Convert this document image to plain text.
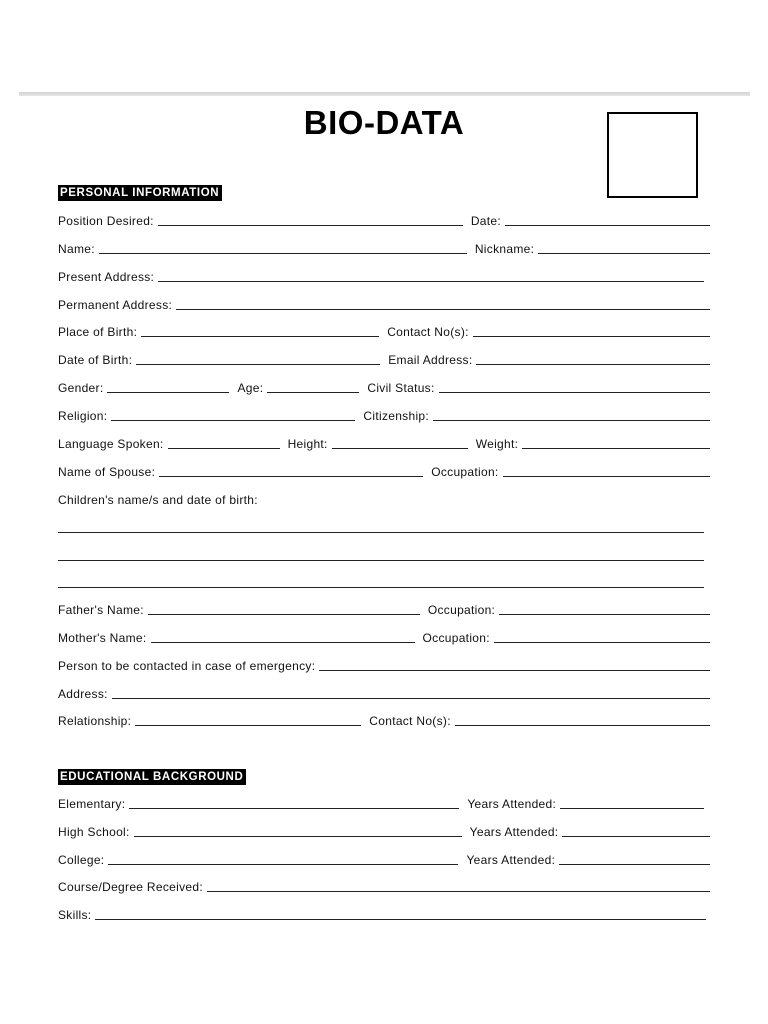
BIO-DATA
PERSONAL INFORMATION
Position Desired:	Date:
Name:	Nickname:
Present Address:
Permanent Address:
Place of Birth:	Contact No(s):
Date of Birth:	Email Address:
Gender:	Age:	Civil Status:
Religion:	Citizenship:
Language Spoken:	Height:	Weight:
Name of Spouse:	Occupation:
Children's name/s and date of birth:
Father's Name:	Occupation:
Mother's Name:	Occupation:
Person to be contacted in case of emergency:
Address:
Relationship:	Contact No(s):
EDUCATIONAL BACKGROUND
Elementary:	Years Attended:
High School:	Years Attended:
College:	Years Attended:
Course/Degree Received:
Skills:
